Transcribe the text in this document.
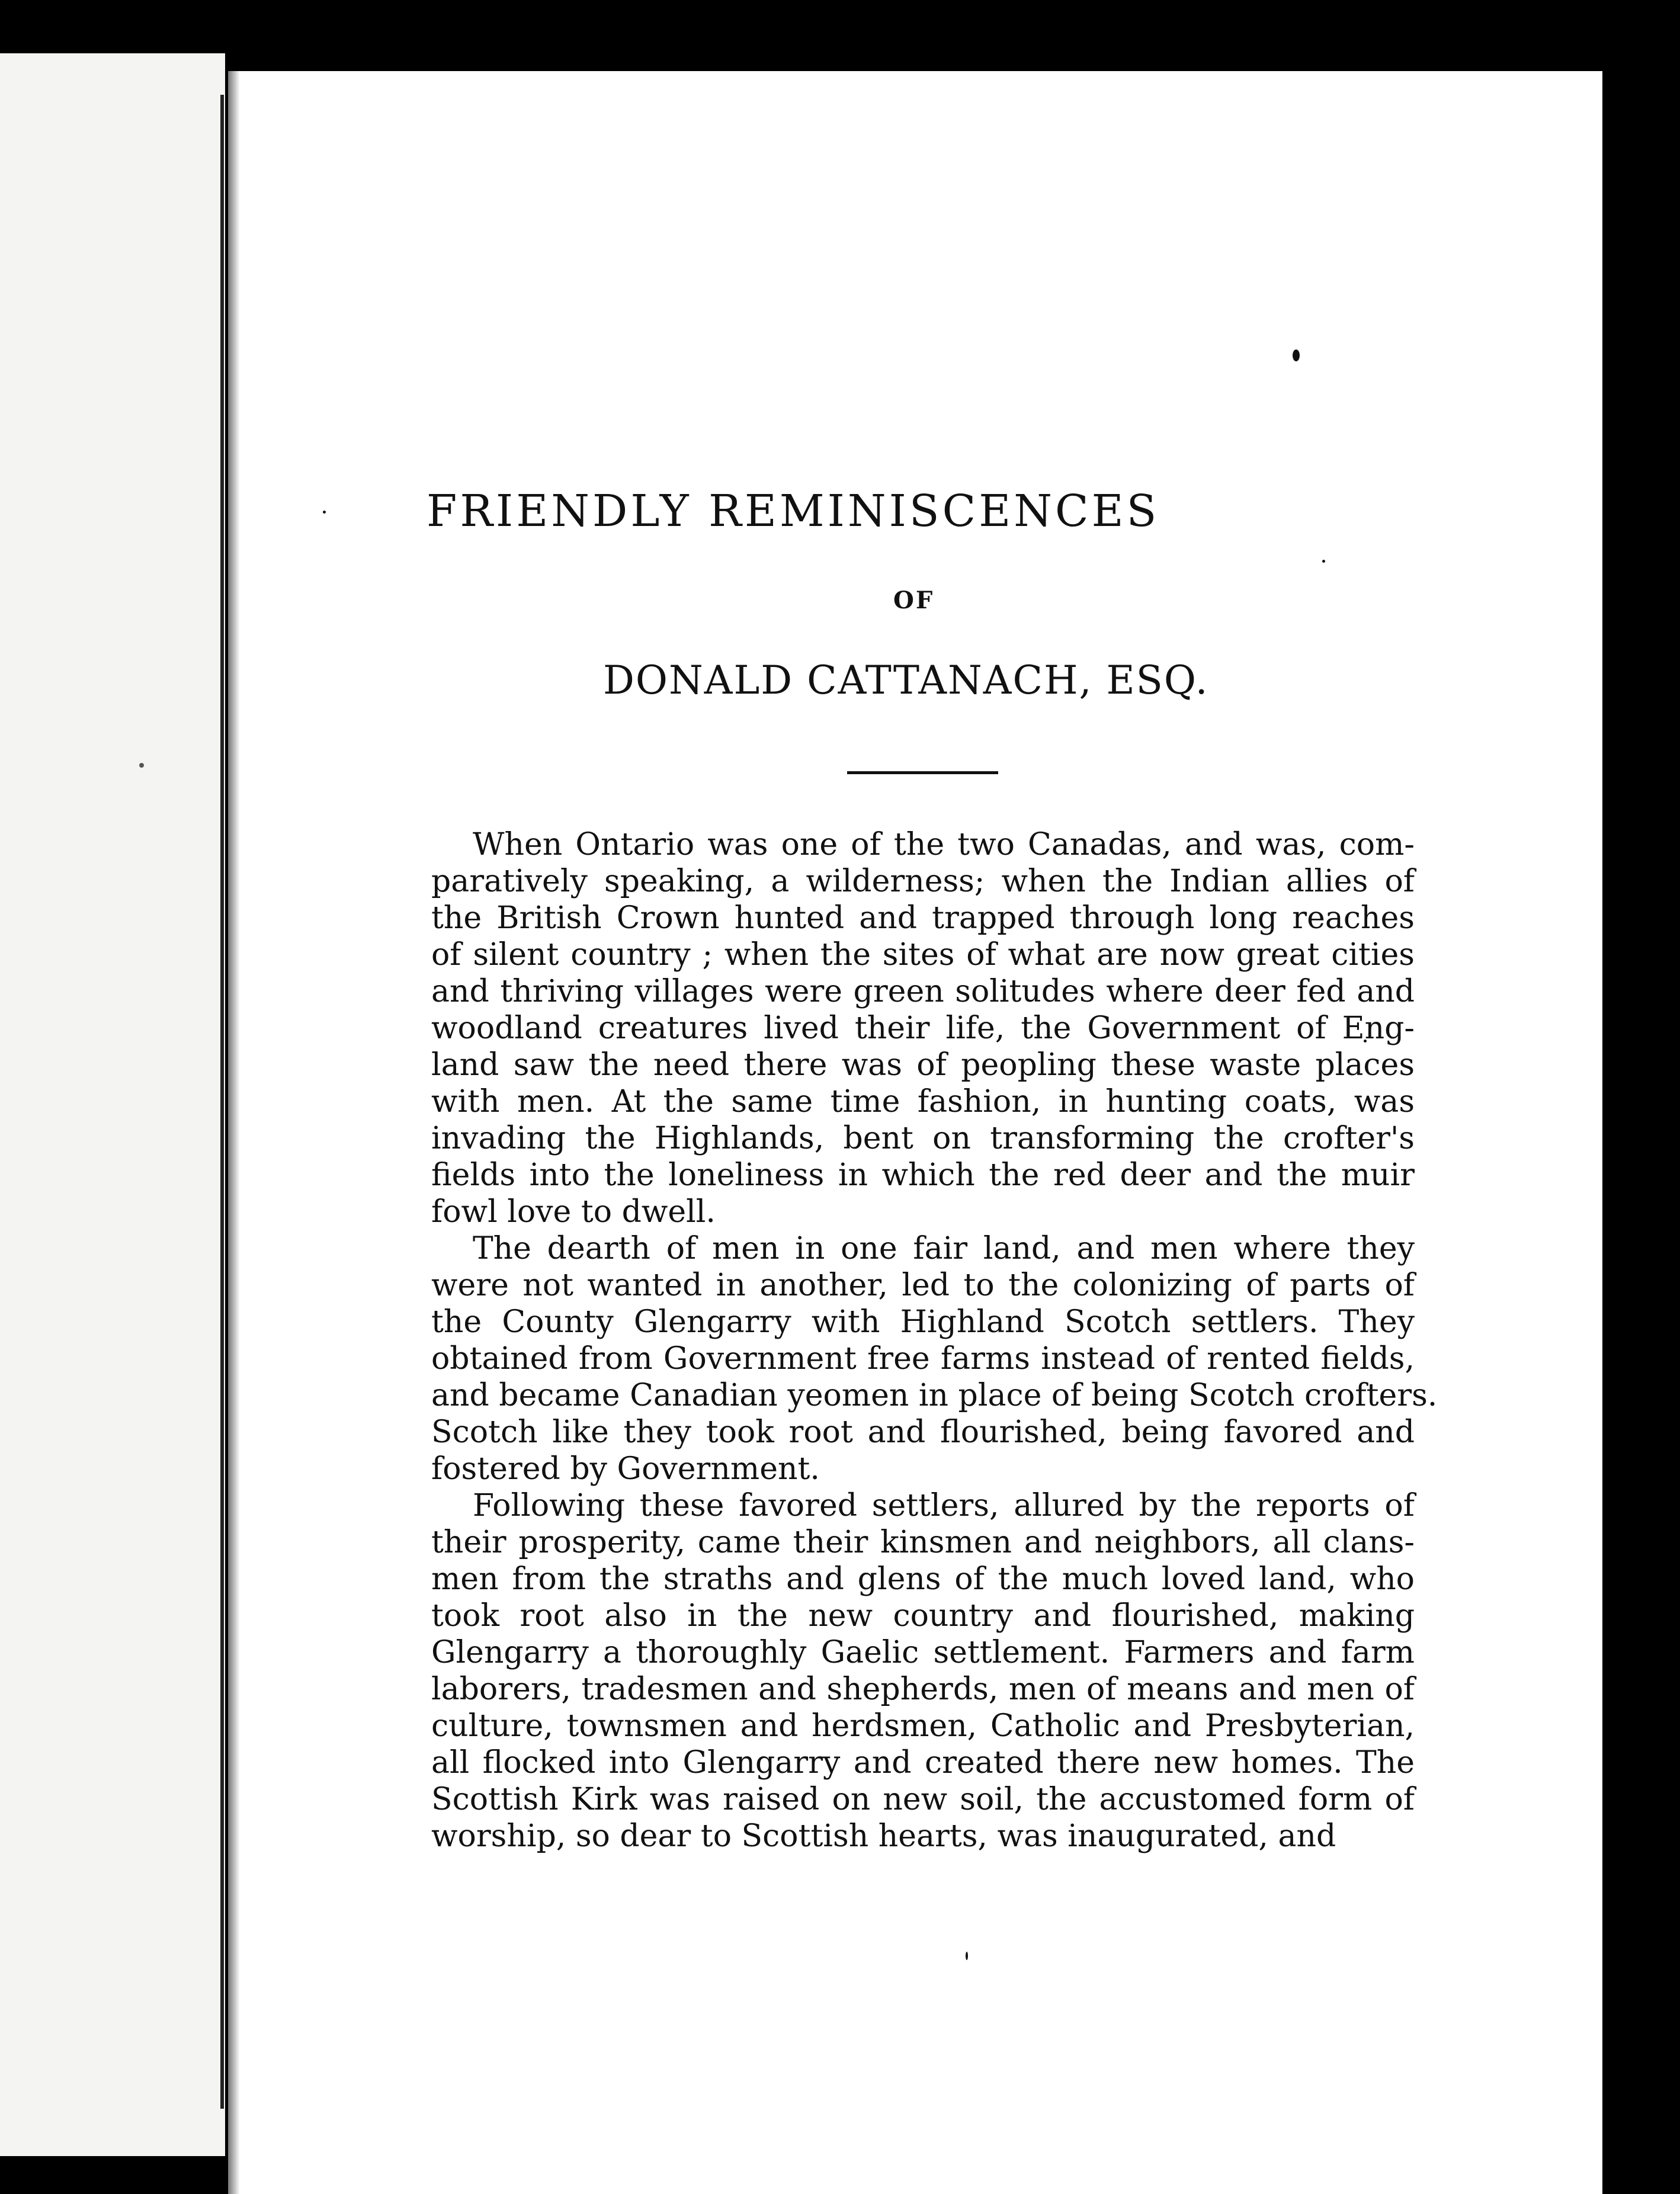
FRIENDLY REMINISCENCES
OF
DONALD CATTANACH, ESQ.
When Ontario was one of the two Canadas, and was, com-
paratively speaking, a wilderness; when the Indian allies of
the British Crown hunted and trapped through long reaches
of silent country ; when the sites of what are now great cities
and thriving villages were green solitudes where deer fed and
woodland creatures lived their life, the Government of Eng-
land saw the need there was of peopling these waste places
with men. At the same time fashion, in hunting coats, was
invading the Highlands, bent on transforming the crofter's
fields into the loneliness in which the red deer and the muir
fowl love to dwell.
The dearth of men in one fair land, and men where they
were not wanted in another, led to the colonizing of parts of
the County Glengarry with Highland Scotch settlers. They
obtained from Government free farms instead of rented fields,
and became Canadian yeomen in place of being Scotch crofters.
Scotch like they took root and flourished, being favored and
fostered by Government.
Following these favored settlers, allured by the reports of
their prosperity, came their kinsmen and neighbors, all clans-
men from the straths and glens of the much loved land, who
took root also in the new country and flourished, making
Glengarry a thoroughly Gaelic settlement. Farmers and farm
laborers, tradesmen and shepherds, men of means and men of
culture, townsmen and herdsmen, Catholic and Presbyterian,
all flocked into Glengarry and created there new homes. The
Scottish Kirk was raised on new soil, the accustomed form of
worship, so dear to Scottish hearts, was inaugurated, and
